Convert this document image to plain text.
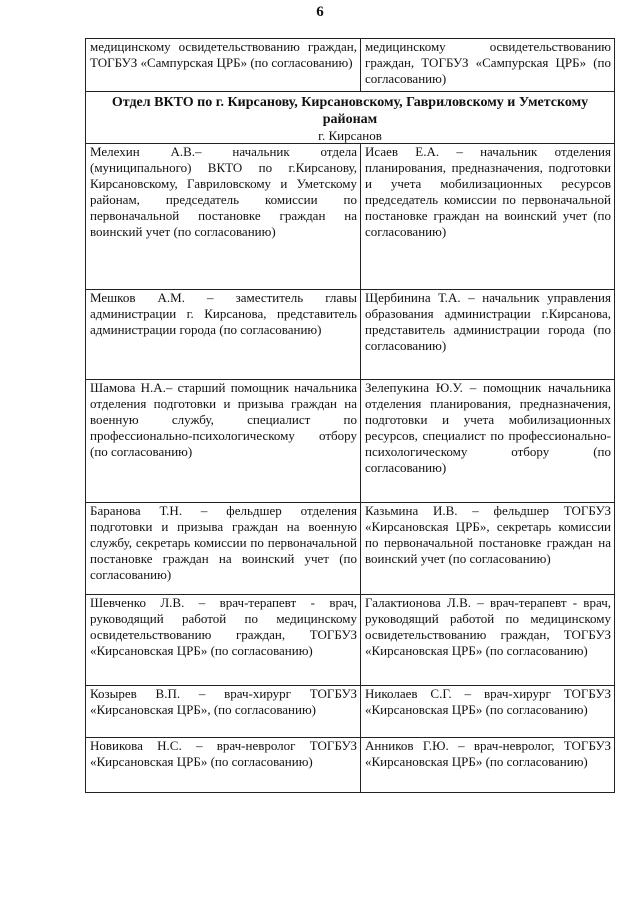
6
медицинскому освидетельствованию граждан, ТОГБУЗ «Сампурская ЦРБ» (по согласованию)	медицинскому освидетельствованию граждан, ТОГБУЗ «Сампурская ЦРБ» (по согласованию)

Отдел ВКТО по г. Кирсанову, Кирсановскому, Гавриловскому и Уметскому районам
г. Кирсанов	

Мелехин А.В.– начальник отдела (муниципального) ВКТО по г.Кирсанову, Кирсановскому, Гавриловскому и Уметскому районам, председатель комиссии по первоначальной постановке граждан на воинский учет (по согласованию)	Исаев Е.А. – начальник отделения планирования, предназначения, подготовки и учета мобилизационных ресурсов председатель комиссии по первоначальной постановке граждан на воинский учет (по согласованию)
Мешков А.М. – заместитель главы администрации г. Кирсанова, представитель администрации города (по согласованию)	Щербинина Т.А. – начальник управления образования администрации г.Кирсанова, представитель администрации города (по согласованию)
Шамова Н.А.– старший помощник начальника отделения подготовки и призыва граждан на военную службу, специалист по профессионально-психологическому отбору (по согласованию)	Зелепукина Ю.У. – помощник начальника отделения планирования, предназначения, подготовки и учета мобилизационных ресурсов, специалист по профессионально-психологическому отбору (по согласованию)
Баранова Т.Н. – фельдшер отделения подготовки и призыва граждан на военную службу, секретарь комиссии по первоначальной постановке граждан на воинский учет (по согласованию)	Казьмина И.В. – фельдшер ТОГБУЗ «Кирсановская ЦРБ», секретарь комиссии по первоначальной постановке граждан на воинский учет (по согласованию)
Шевченко Л.В. – врач-терапевт - врач, руководящий работой по медицинскому освидетельствованию граждан, ТОГБУЗ «Кирсановская ЦРБ» (по согласованию)	Галактионова Л.В. – врач-терапевт - врач, руководящий работой по медицинскому освидетельствованию граждан, ТОГБУЗ «Кирсановская ЦРБ» (по согласованию)
Козырев В.П. – врач-хирург ТОГБУЗ «Кирсановская ЦРБ», (по согласованию)	Николаев С.Г. – врач-хирург ТОГБУЗ «Кирсановская ЦРБ» (по согласованию)
Новикова Н.С. – врач-невролог ТОГБУЗ «Кирсановская ЦРБ» (по согласованию)	Анников Г.Ю. – врач-невролог, ТОГБУЗ «Кирсановская ЦРБ» (по согласованию)
